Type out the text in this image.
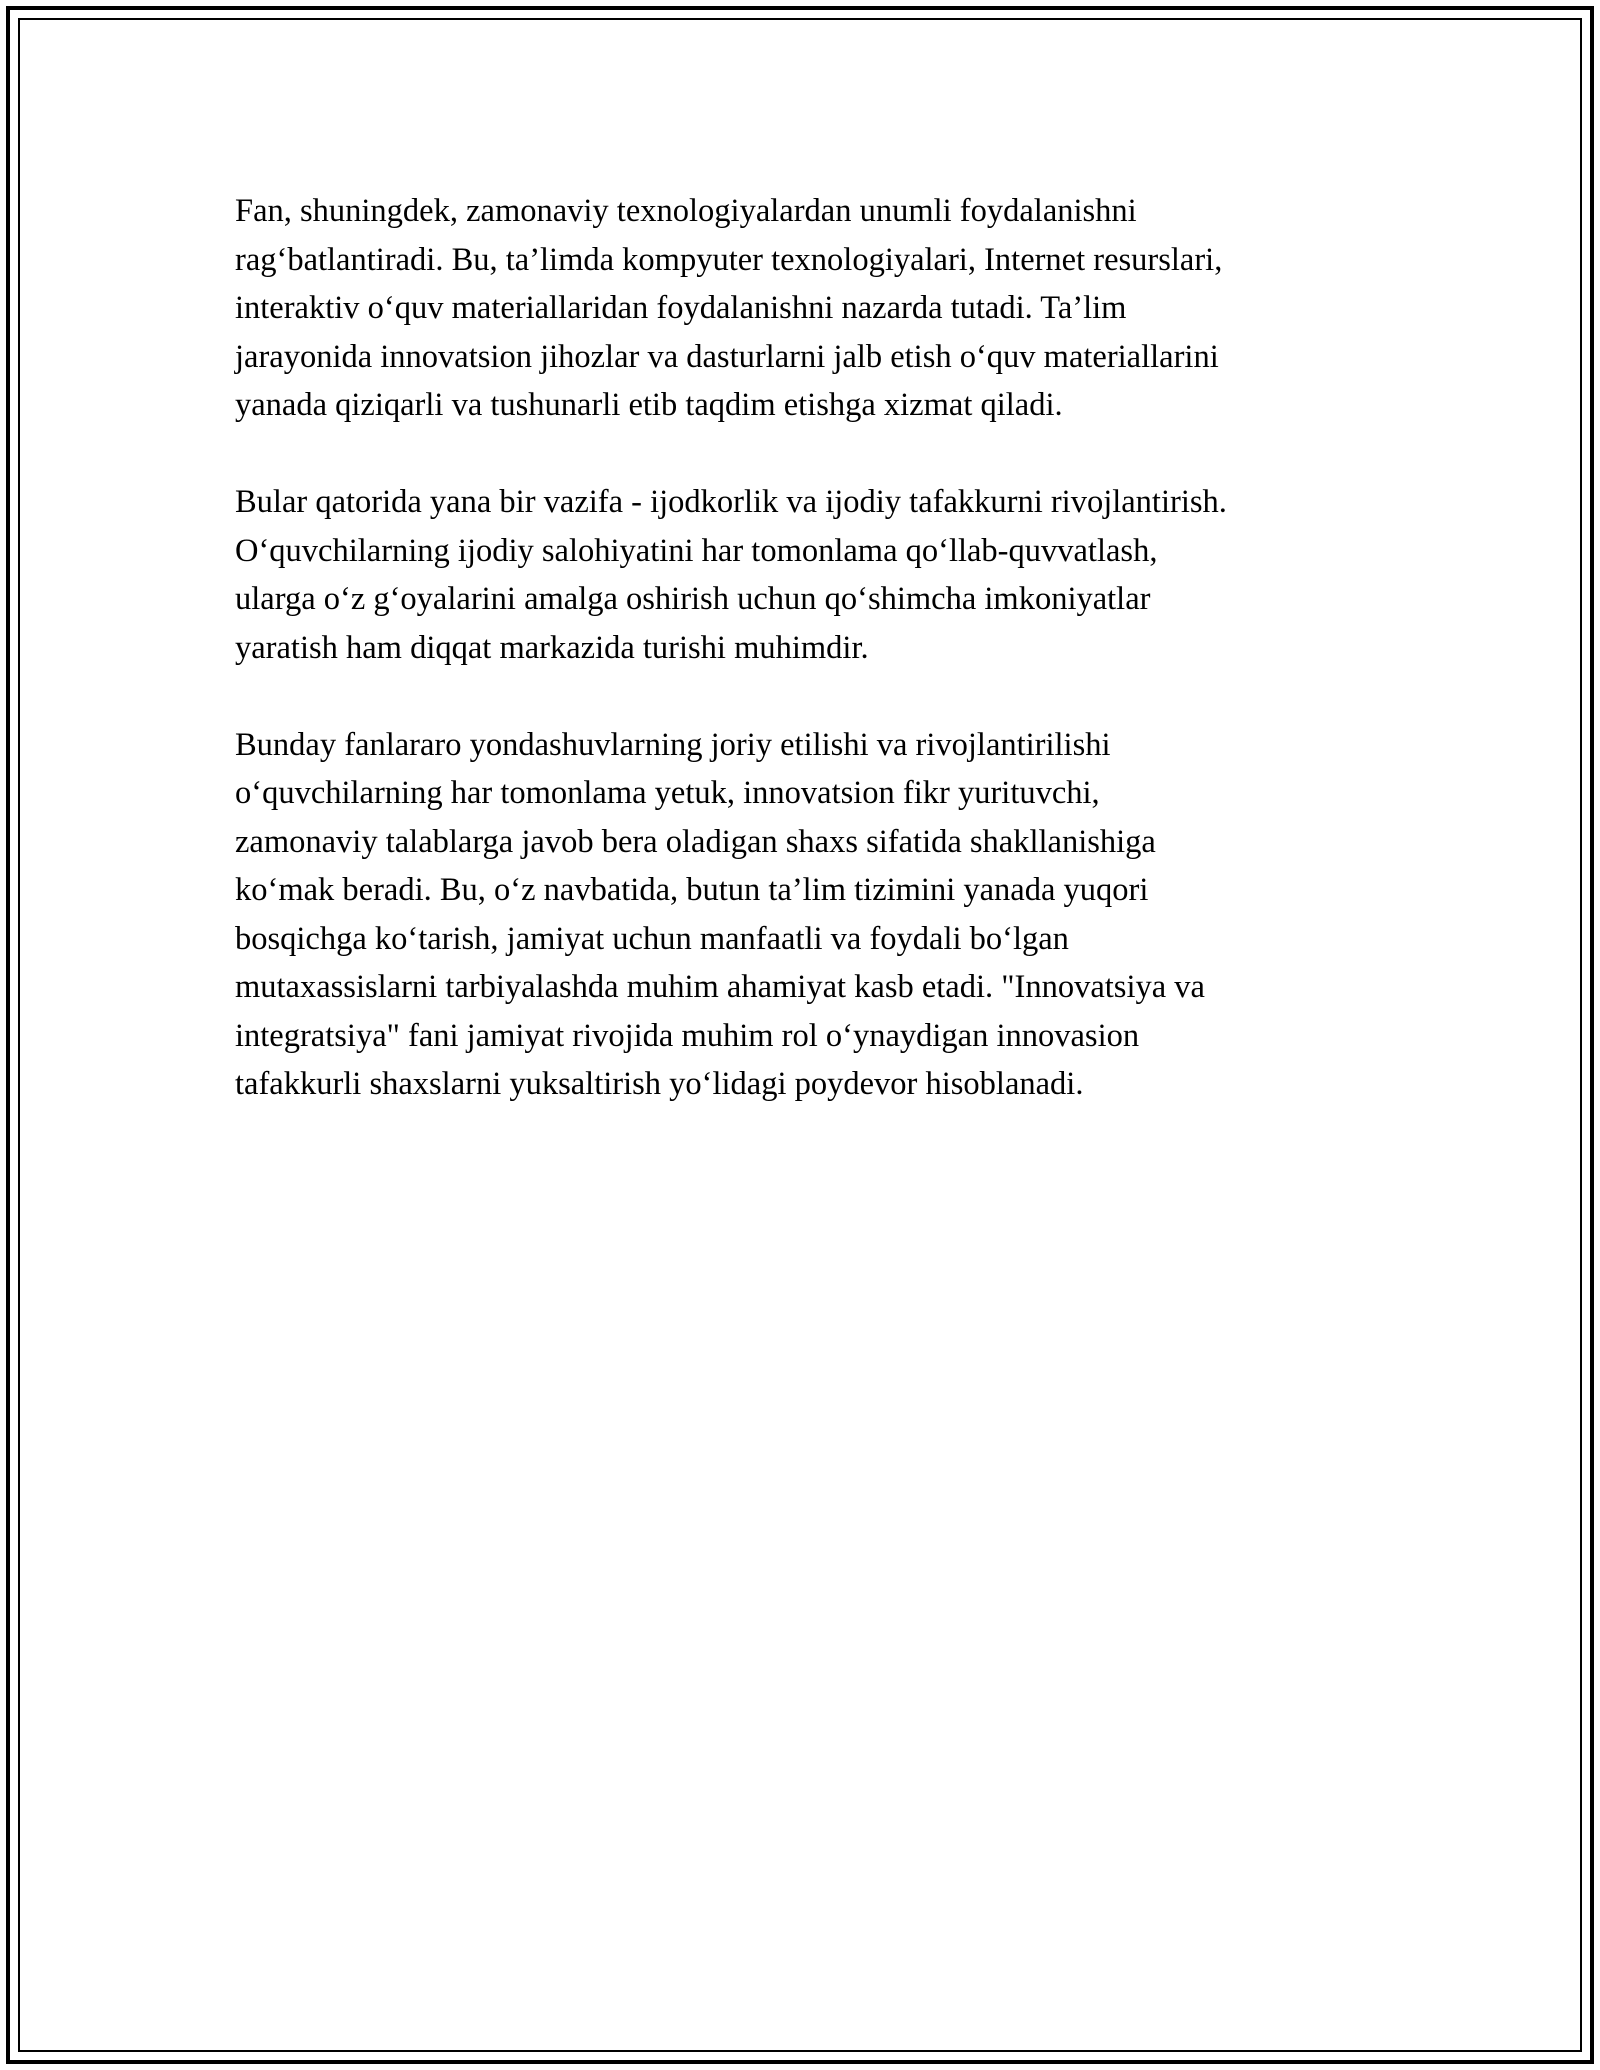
Fan, shuningdek, zamonaviy texnologiyalardan unumli foydalanishni
rag‘batlantiradi. Bu, ta’limda kompyuter texnologiyalari, Internet resurslari,
interaktiv o‘quv materiallaridan foydalanishni nazarda tutadi. Ta’lim
jarayonida innovatsion jihozlar va dasturlarni jalb etish o‘quv materiallarini
yanada qiziqarli va tushunarli etib taqdim etishga xizmat qiladi.

Bular qatorida yana bir vazifa - ijodkorlik va ijodiy tafakkurni rivojlantirish.
O‘quvchilarning ijodiy salohiyatini har tomonlama qo‘llab-quvvatlash,
ularga o‘z g‘oyalarini amalga oshirish uchun qo‘shimcha imkoniyatlar
yaratish ham diqqat markazida turishi muhimdir.

Bunday fanlararo yondashuvlarning joriy etilishi va rivojlantirilishi
o‘quvchilarning har tomonlama yetuk, innovatsion fikr yurituvchi,
zamonaviy talablarga javob bera oladigan shaxs sifatida shakllanishiga
ko‘mak beradi. Bu, o‘z navbatida, butun ta’lim tizimini yanada yuqori
bosqichga ko‘tarish, jamiyat uchun manfaatli va foydali bo‘lgan
mutaxassislarni tarbiyalashda muhim ahamiyat kasb etadi. "Innovatsiya va
integratsiya" fani jamiyat rivojida muhim rol o‘ynaydigan innovasion
tafakkurli shaxslarni yuksaltirish yo‘lidagi poydevor hisoblanadi.
